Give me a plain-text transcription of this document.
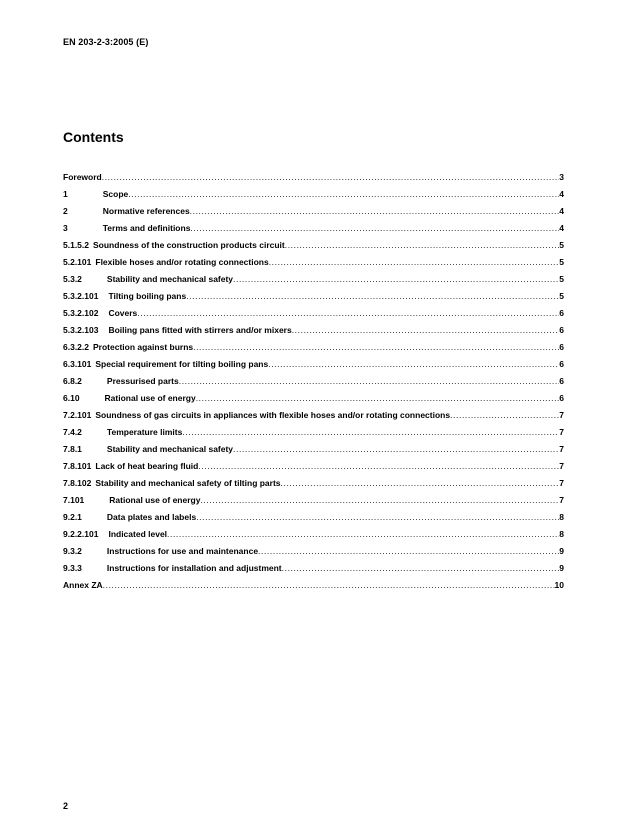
EN 203-2-3:2005 (E)
Contents
Foreword .....	3
1	Scope .....	4
2	Normative references .....	4
3	Terms and definitions .....	4
5.1.5.2 Soundness of the construction products circuit .....	5
5.2.101 Flexible hoses and/or rotating connections .....	5
5.3.2	Stability and mechanical safety .....	5
5.3.2.101	Tilting boiling pans .....	5
5.3.2.102	Covers .....	6
5.3.2.103	Boiling pans fitted with stirrers and/or mixers .....	6
6.3.2.2 Protection against burns .....	6
6.3.101 Special requirement for tilting boiling pans .....	6
6.8.2	Pressurised parts .....	6
6.10	Rational use of energy .....	6
7.2.101 Soundness of gas circuits in appliances with flexible hoses and/or rotating connections .....	7
7.4.2	Temperature limits .....	7
7.8.1	Stability and mechanical safety .....	7
7.8.101 Lack of heat bearing fluid .....	7
7.8.102 Stability and mechanical safety of tilting parts .....	7
7.101	Rational use of energy .....	7
9.2.1	Data plates and labels .....	8
9.2.2.101	Indicated level .....	8
9.3.2	Instructions for use and maintenance .....	9
9.3.3	Instructions for installation and adjustment .....	9
Annex ZA .....	10
2
